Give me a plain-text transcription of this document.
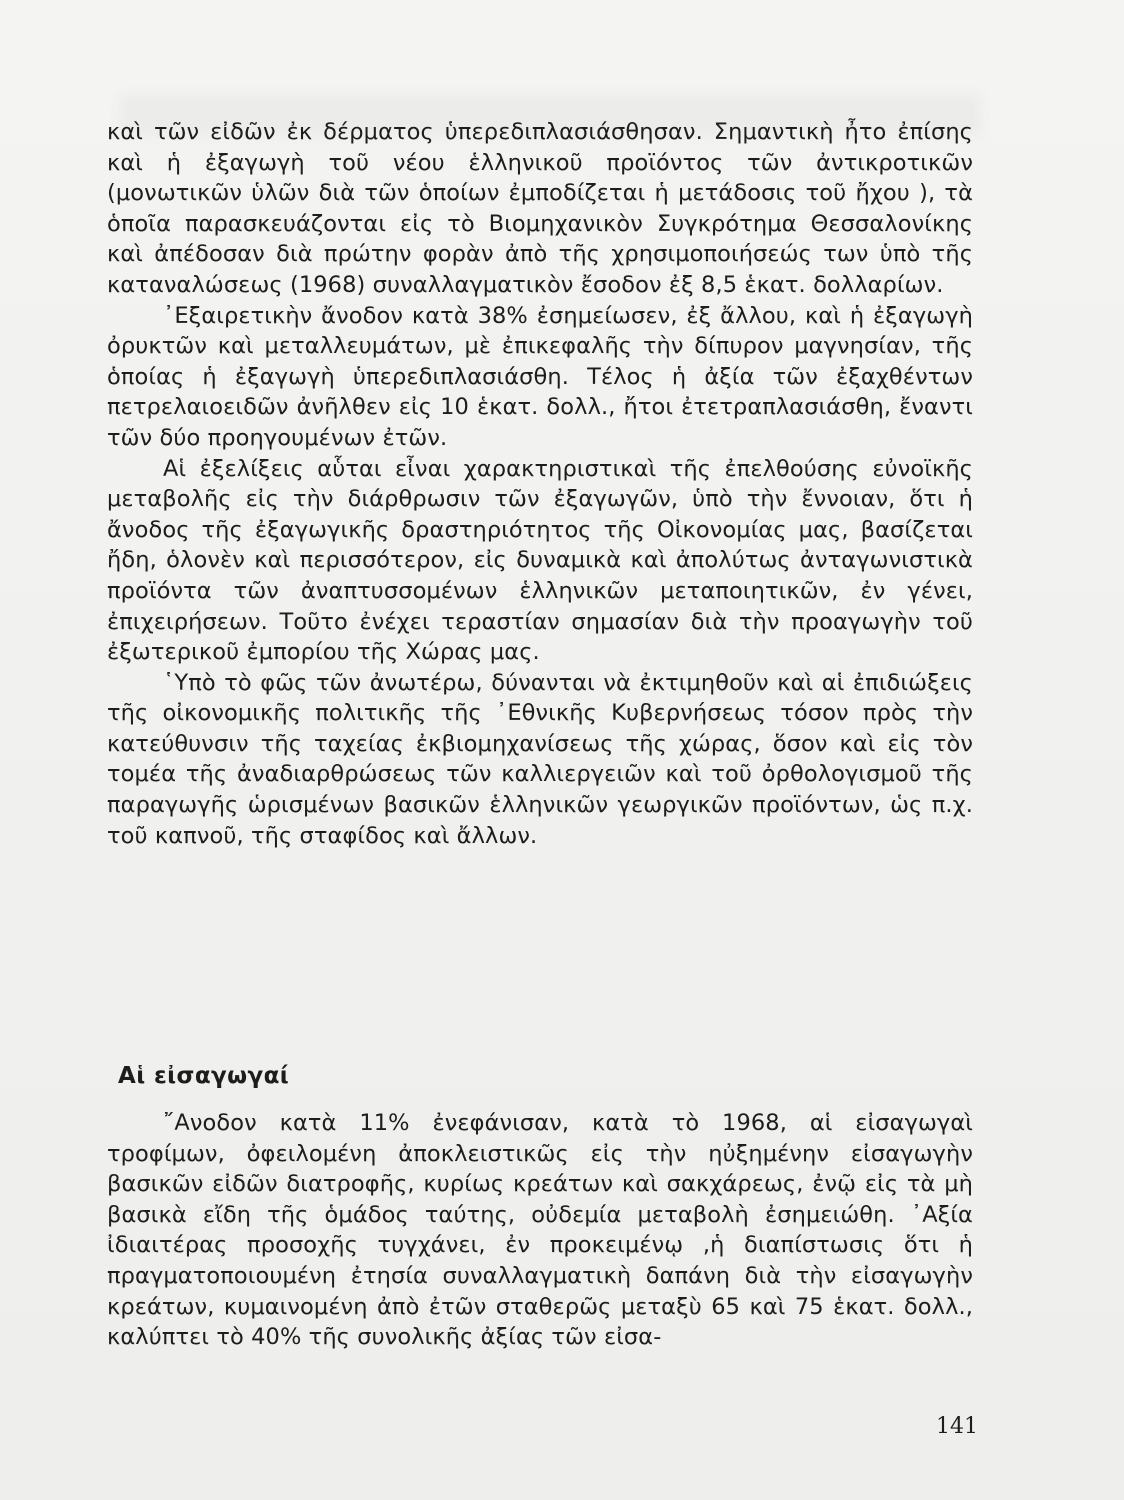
καὶ τῶν εἰδῶν ἐκ δέρματος ὑπερεδιπλασιάσθησαν. Σημαντικὴ ἦτο ἐπίσης καὶ ἡ ἐξαγωγὴ τοῦ νέου ἑλληνικοῦ προϊόντος τῶν ἀντικροτικῶν (μονωτικῶν ὑλῶν διὰ τῶν ὁποίων ἐμποδίζεται ἡ μετάδοσις τοῦ ἤχου ), τὰ ὁποῖα παρασκευάζονται εἰς τὸ Βιομηχανικὸν Συγκρότημα Θεσσαλονίκης καὶ ἀπέδοσαν διὰ πρώτην φορὰν ἀπὸ τῆς χρησιμοποιήσεώς των ὑπὸ τῆς καταναλώσεως (1968) συναλλαγματικὸν ἔσοδον ἐξ 8,5 ἑκατ. δολλαρίων.

᾿Εξαιρετικὴν ἄνοδον κατὰ 38% ἐσημείωσεν, ἐξ ἄλλου, καὶ ἡ ἐξαγωγὴ ὀρυκτῶν καὶ μεταλλευμάτων, μὲ ἐπικεφαλῆς τὴν δίπυρον μαγνησίαν, τῆς ὁποίας ἡ ἐξαγωγὴ ὑπερεδιπλασιάσθη. Τέλος ἡ ἀξία τῶν ἐξαχθέντων πετρελαιοειδῶν ἀνῆλθεν εἰς 10 ἑκατ. δολλ., ἤτοι ἐτετραπλασιάσθη, ἔναντι τῶν δύο προηγουμένων ἐτῶν.

Αἱ ἐξελίξεις αὗται εἶναι χαρακτηριστικαὶ τῆς ἐπελθούσης εὐνοϊκῆς μεταβολῆς εἰς τὴν διάρθρωσιν τῶν ἐξαγωγῶν, ὑπὸ τὴν ἔννοιαν, ὅτι ἡ ἄνοδος τῆς ἐξαγωγικῆς δραστηριότητος τῆς Οἰκονομίας μας, βασίζεται ἤδη, ὁλονὲν καὶ περισσότερον, εἰς δυναμικὰ καὶ ἀπολύτως ἀνταγωνιστικὰ προϊόντα τῶν ἀναπτυσσομένων ἑλληνικῶν μεταποιητικῶν, ἐν γένει, ἐπιχειρήσεων. Τοῦτο ἐνέχει τεραστίαν σημασίαν διὰ τὴν προαγωγὴν τοῦ ἐξωτερικοῦ ἐμπορίου τῆς Χώρας μας.

῾Υπὸ τὸ φῶς τῶν ἀνωτέρω, δύνανται νὰ ἐκτιμηθοῦν καὶ αἱ ἐπιδιώξεις τῆς οἰκονομικῆς πολιτικῆς τῆς ᾿Εθνικῆς Κυβερνήσεως τόσον πρὸς τὴν κατεύθυνσιν τῆς ταχείας ἐκβιομηχανίσεως τῆς χώρας, ὅσον καὶ εἰς τὸν τομέα τῆς ἀναδιαρθρώσεως τῶν καλλιεργειῶν καὶ τοῦ ὀρθολογισμοῦ τῆς παραγωγῆς ὡρισμένων βασικῶν ἑλληνικῶν γεωργικῶν προϊόντων, ὡς π.χ. τοῦ καπνοῦ, τῆς σταφίδος καὶ ἄλλων.

Αἱ εἰσαγωγαί

῎Ανοδον κατὰ 11% ἐνεφάνισαν, κατὰ τὸ 1968, αἱ εἰσαγωγαὶ τροφίμων, ὀφειλομένη ἀποκλειστικῶς εἰς τὴν ηὐξημένην εἰσαγωγὴν βασικῶν εἰδῶν διατροφῆς, κυρίως κρεάτων καὶ σακχάρεως, ἐνῷ εἰς τὰ μὴ βασικὰ εἴδη τῆς ὁμάδος ταύτης, οὐδεμία μεταβολὴ ἐσημειώθη. ᾿Αξία ἰδιαιτέρας προσοχῆς τυγχάνει, ἐν προκειμένῳ ,ἡ διαπίστωσις ὅτι ἡ πραγματοποιουμένη ἐτησία συναλλαγματικὴ δαπάνη διὰ τὴν εἰσαγωγὴν κρεάτων, κυμαινομένη ἀπὸ ἐτῶν σταθερῶς μεταξὺ 65 καὶ 75 ἑκατ. δολλ., καλύπτει τὸ 40% τῆς συνολικῆς ἀξίας τῶν εἰσα-

141
